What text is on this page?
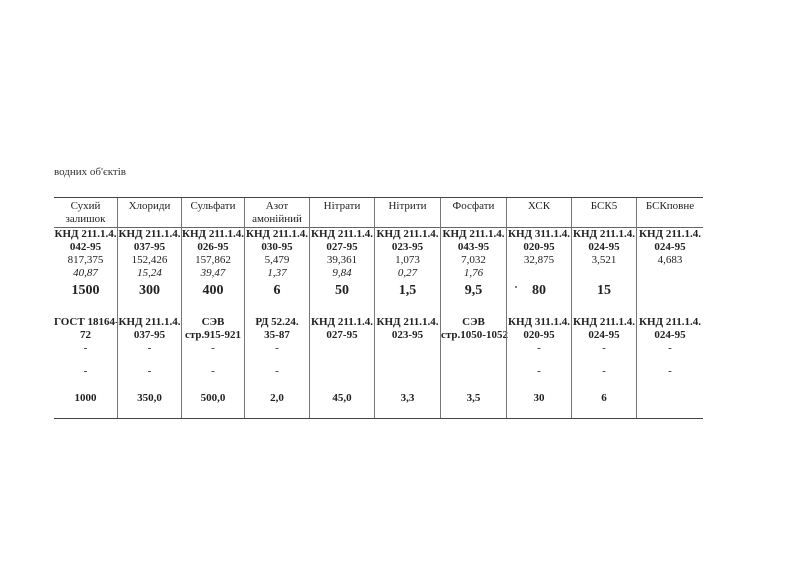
водних об'єктів
Сухий
залишок
КНД 211.1.4.
042-95
817,375
40,87
1500
ГОСТ 18164-
72
-
-
1000
Хлориди
КНД 211.1.4.
037-95
152,426
15,24
300
КНД 211.1.4.
037-95
-
-
350,0
Сульфати
КНД 211.1.4.
026-95
157,862
39,47
400
СЭВ
стр.915-921
-
-
500,0
Азот
амонійний
КНД 211.1.4.
030-95
5,479
1,37
6
РД 52.24.
35-87
-
-
2,0
Нітрати
КНД 211.1.4.
027-95
39,361
9,84
50
КНД 211.1.4.
027-95
45,0
Нітрити
КНД 211.1.4.
023-95
1,073
0,27
1,5
КНД 211.1.4.
023-95
3,3
Фосфати
КНД 211.1.4.
043-95
7,032
1,76
9,5
СЭВ
стр.1050-1052
3,5
ХСК
КНД 311.1.4.
020-95
32,875
80
КНД 311.1.4.
020-95
-
-
30
БСК5
КНД 211.1.4.
024-95
3,521
15
КНД 211.1.4.
024-95
-
-
6
БСКповне
КНД 211.1.4.
024-95
4,683
КНД 211.1.4.
024-95
-
-
